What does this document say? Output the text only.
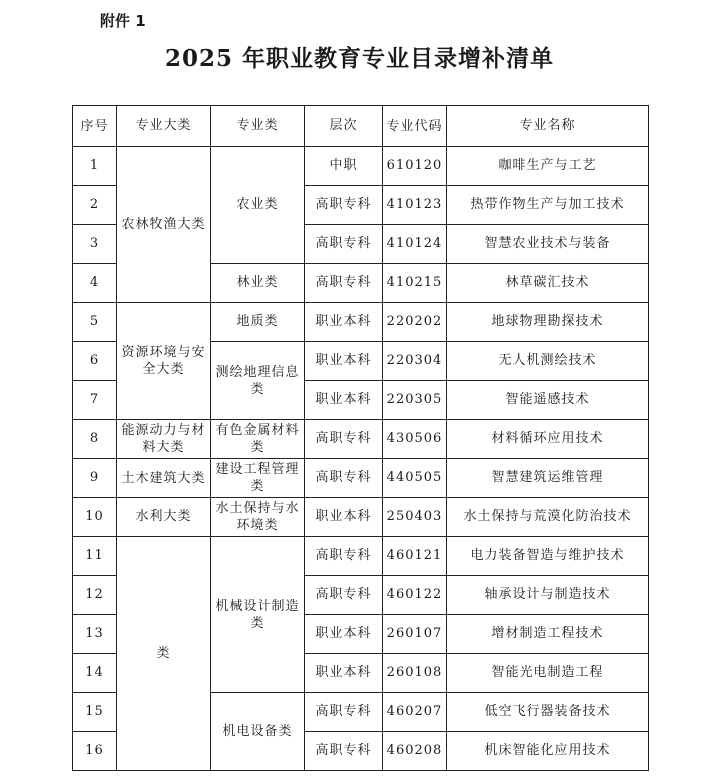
附件 1
2025 年职业教育专业目录增补清单
序号	专业大类	专业类	层次	专业代码	专业名称
1	农林牧渔大类	农业类	中职	610120	咖啡生产与工艺
2			高职专科	410123	热带作物生产与加工技术
3			高职专科	410124	智慧农业技术与装备
4		林业类	高职专科	410215	林草碳汇技术
5	资源环境与安全大类	地质类	职业本科	220202	地球物理勘探技术
6		测绘地理信息类	职业本科	220304	无人机测绘技术
7			职业本科	220305	智能遥感技术
8	能源动力与材料大类	有色金属材料类	高职专科	430506	材料循环应用技术
9	土木建筑大类	建设工程管理类	高职专科	440505	智慧建筑运维管理
10	水利大类	水土保持与水环境类	职业本科	250403	水土保持与荒漠化防治技术
11	类	机械设计制造类	高职专科	460121	电力装备智造与维护技术
12			高职专科	460122	轴承设计与制造技术
13			职业本科	260107	增材制造工程技术
14			职业本科	260108	智能光电制造工程
15		机电设备类	高职专科	460207	低空飞行器装备技术
16			高职专科	460208	机床智能化应用技术
